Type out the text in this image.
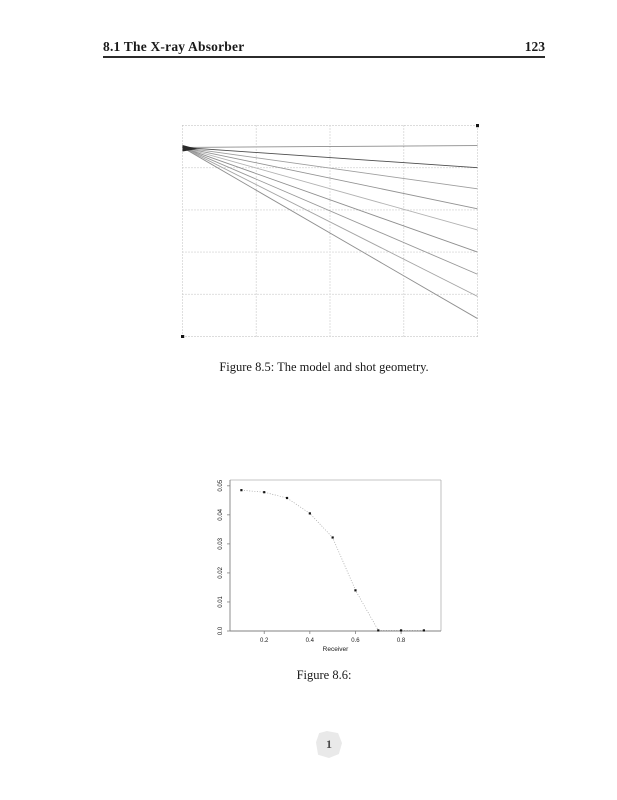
8.1 The X-ray Absorber	123
Figure 8.5: The model and shot geometry.
0.2	0.4	0.6	0.8
0.0
0.01
0.02
0.03
0.04
0.05
Receiver
Figure 8.6:
1
